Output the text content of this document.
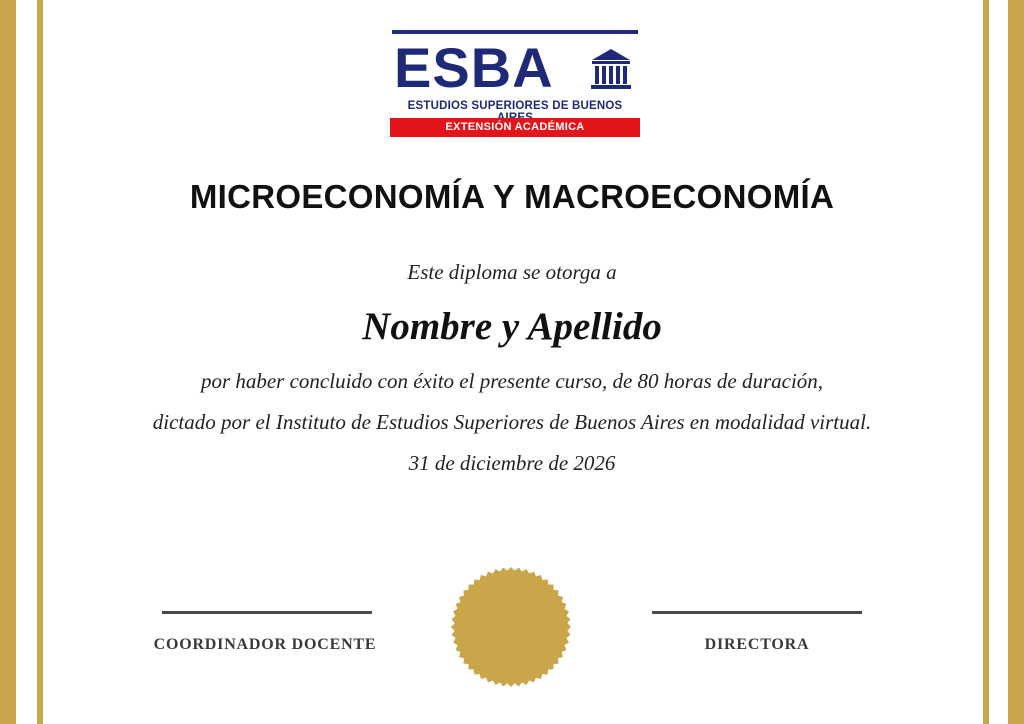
ESBA
ESTUDIOS SUPERIORES DE BUENOS
EXTENSIÓN ACADÉMICA
MICROECONOMÍA Y MACROECONOMÍA
Este diploma se otorga a
Nombre y Apellido
por haber concluido con éxito el presente curso, de 80 horas de duración,
dictado por el Instituto de Estudios Superiores de Buenos Aires en modalidad virtual.
31 de diciembre de 2026
COORDINADOR DOCENTE	DIRECTORA
